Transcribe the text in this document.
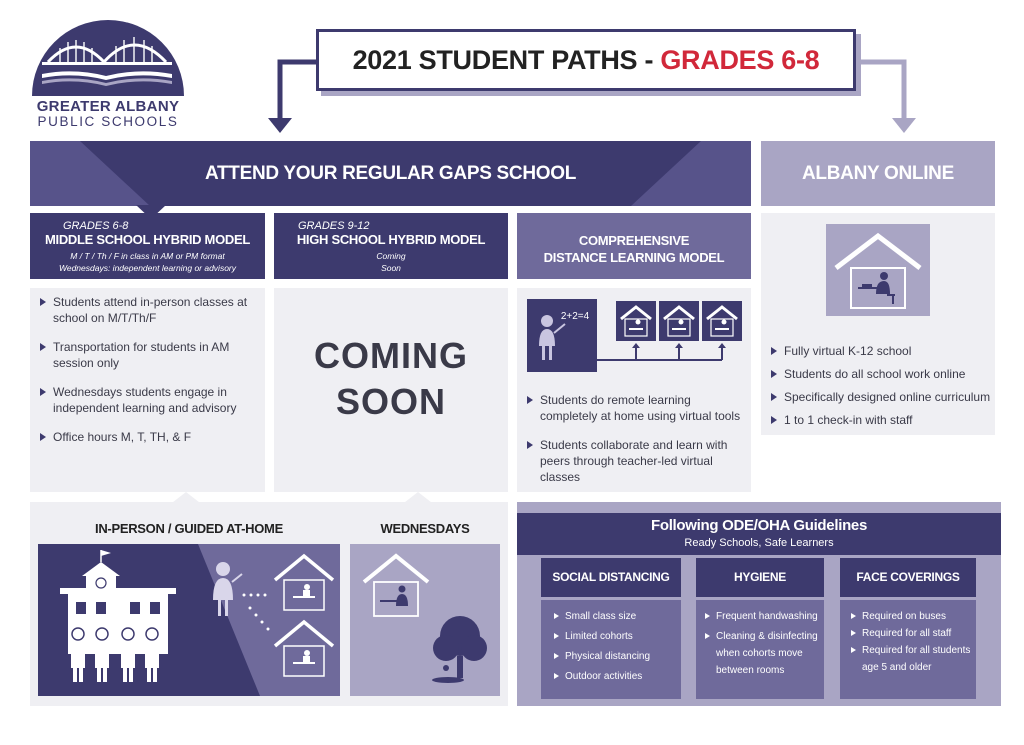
GREATER ALBANY
PUBLIC SCHOOLS
2021 STUDENT PATHS - GRADES 6-8
ATTEND YOUR REGULAR GAPS SCHOOL	ALBANY ONLINE
GRADES 6-8
MIDDLE SCHOOL HYBRID MODEL
M / T / Th / F in class in AM or PM format
Wednesdays: independent learning or advisory
GRADES 9-12
HIGH SCHOOL HYBRID MODEL
Coming
Soon
COMPREHENSIVE
DISTANCE LEARNING MODEL
Students attend in-person classes at school on M/T/Th/F
Transportation for students in AM session only
Wednesdays students engage in independent learning and advisory
Office hours M, T, TH, & F
COMING
SOON
2+2=4
Students do remote learning completely at home using virtual tools
Students collaborate and learn with peers through teacher-led virtual classes
Fully virtual K-12 school
Students do all school work online
Specifically designed online curriculum
1 to 1 check-in with staff
IN-PERSON / GUIDED AT-HOME	WEDNESDAYS	Following ODE/OHA Guidelines
Ready Schools, Safe Learners
SOCIAL DISTANCING
Small class size
Limited cohorts
Physical distancing
Outdoor activities
HYGIENE
Frequent handwashing
Cleaning & disinfecting when cohorts move between rooms
FACE COVERINGS
Required on buses
Required for all staff
Required for all students age 5 and older
